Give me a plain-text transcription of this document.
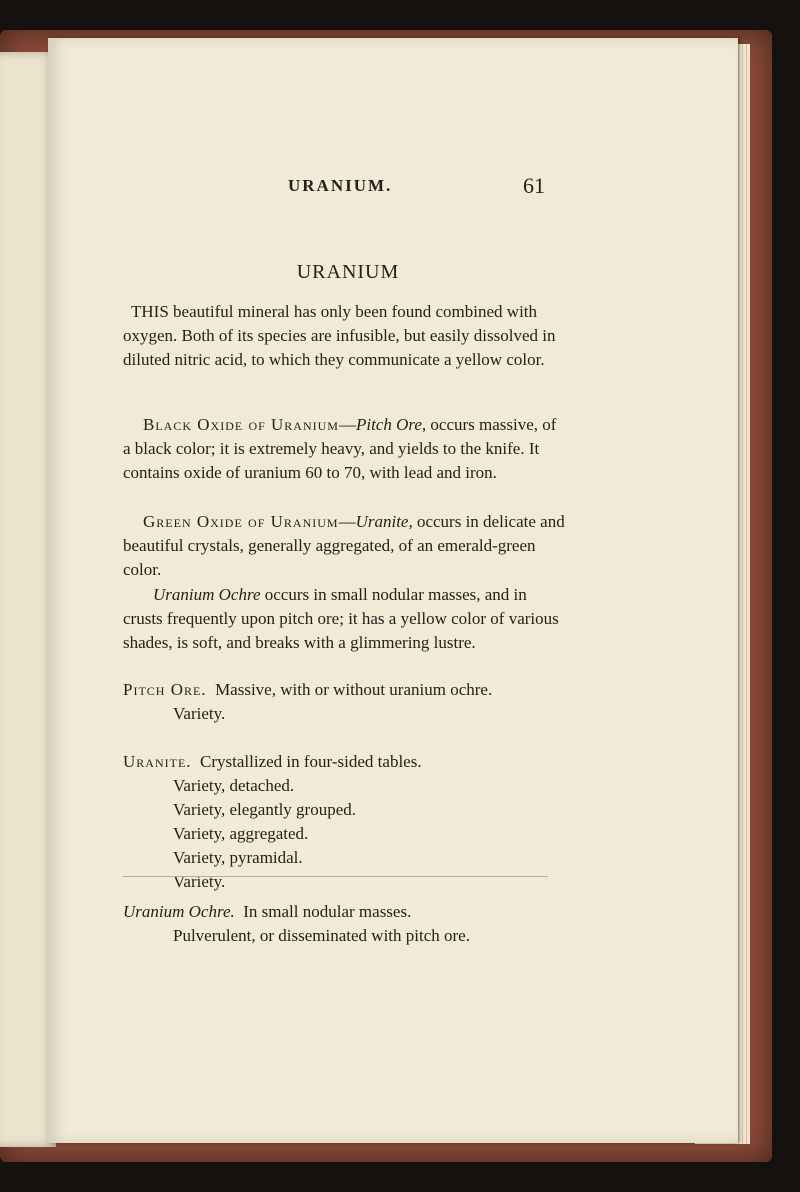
URANIUM.	61
URANIUM

THIS beautiful mineral has only been found combined with oxygen. Both of its species are infusible, but easily dissolved in diluted nitric acid, to which they communicate a yellow color.

Black Oxide of Uranium—Pitch Ore, occurs massive, of a black color; it is extremely heavy, and yields to the knife. It contains oxide of uranium 60 to 70, with lead and iron.

Green Oxide of Uranium—Uranite, occurs in delicate and beautiful crystals, generally aggregated, of an emerald-green color.

Uranium Ochre occurs in small nodular masses, and in crusts frequently upon pitch ore; it has a yellow color of various shades, is soft, and breaks with a glimmering lustre.

Pitch Ore. Massive, with or without uranium ochre.
Variety.
Uranite. Crystallized in four-sided tables.
Variety, detached.
Variety, elegantly grouped.
Variety, aggregated.
Variety, pyramidal.
Variety.
Uranium Ochre. In small nodular masses.
Pulverulent, or disseminated with pitch ore.
